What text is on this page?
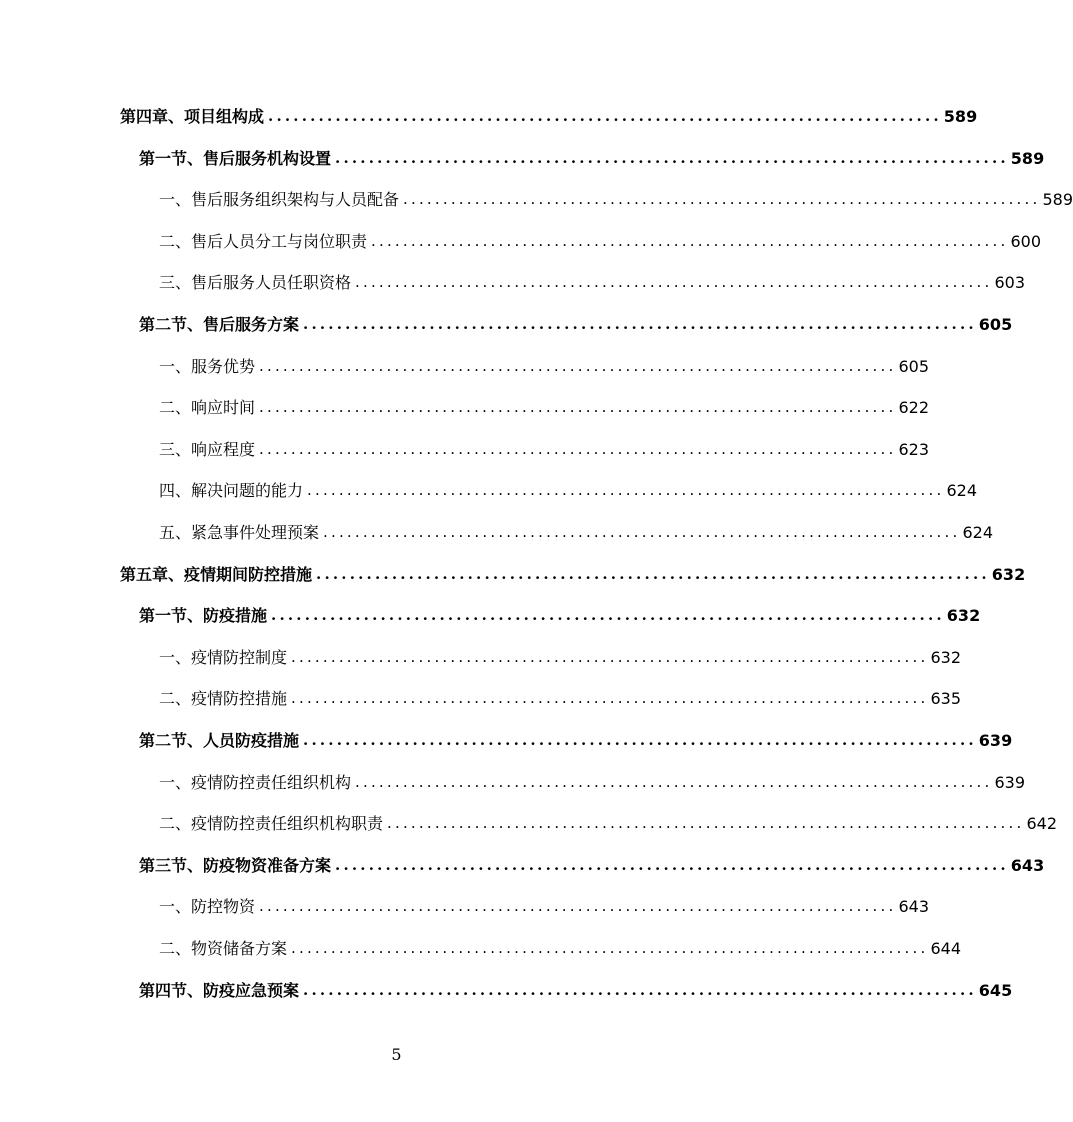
第四章、项目组构成 ................................................................................ 589
第一节、售后服务机构设置 ................................................................................ 589
一、售后服务组织架构与人员配备 ................................................................................ 589
二、售后人员分工与岗位职责 ................................................................................ 600
三、售后服务人员任职资格 ................................................................................ 603
第二节、售后服务方案 ................................................................................ 605
一、服务优势 ................................................................................ 605
二、响应时间 ................................................................................ 622
三、响应程度 ................................................................................ 623
四、解决问题的能力 ................................................................................ 624
五、紧急事件处理预案 ................................................................................ 624
第五章、疫情期间防控措施 ................................................................................ 632
第一节、防疫措施 ................................................................................ 632
一、疫情防控制度 ................................................................................ 632
二、疫情防控措施 ................................................................................ 635
第二节、人员防疫措施 ................................................................................ 639
一、疫情防控责任组织机构 ................................................................................ 639
二、疫情防控责任组织机构职责 ................................................................................ 642
第三节、防疫物资准备方案 ................................................................................ 643
一、防控物资 ................................................................................ 643
二、物资储备方案 ................................................................................ 644
第四节、防疫应急预案 ................................................................................ 645
5
